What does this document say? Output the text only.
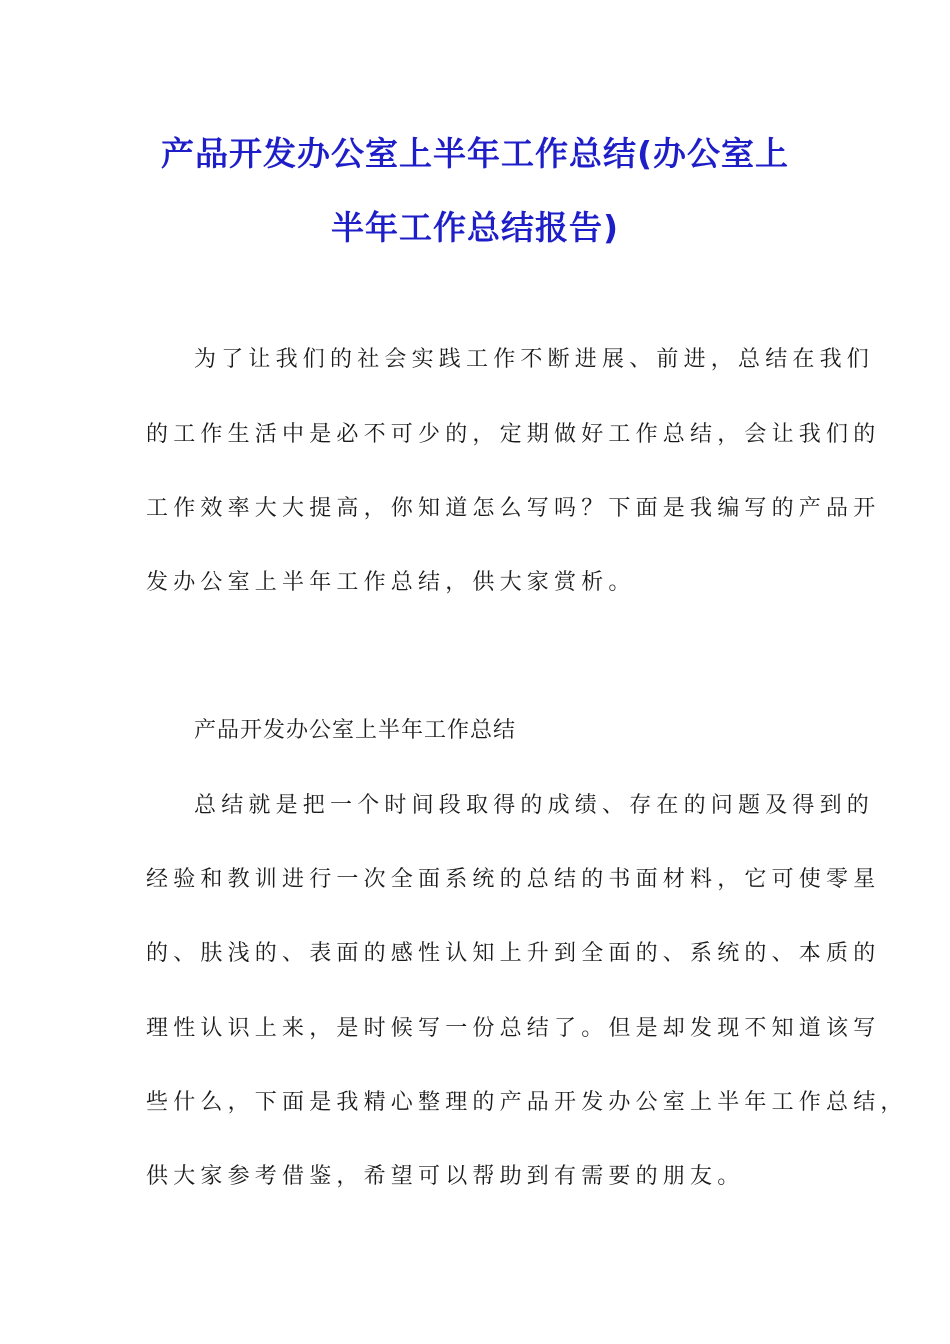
产品开发办公室上半年工作总结(办公室上
半年工作总结报告)
为了让我们的社会实践工作不断进展、前进，总结在我们
的工作生活中是必不可少的，定期做好工作总结，会让我们的
工作效率大大提高，你知道怎么写吗？下面是我编写的产品开
发办公室上半年工作总结，供大家赏析。
产品开发办公室上半年工作总结
总结就是把一个时间段取得的成绩、存在的问题及得到的
经验和教训进行一次全面系统的总结的书面材料，它可使零星
的、肤浅的、表面的感性认知上升到全面的、系统的、本质的
理性认识上来，是时候写一份总结了。但是却发现不知道该写
些什么，下面是我精心整理的产品开发办公室上半年工作总结，
供大家参考借鉴，希望可以帮助到有需要的朋友。
